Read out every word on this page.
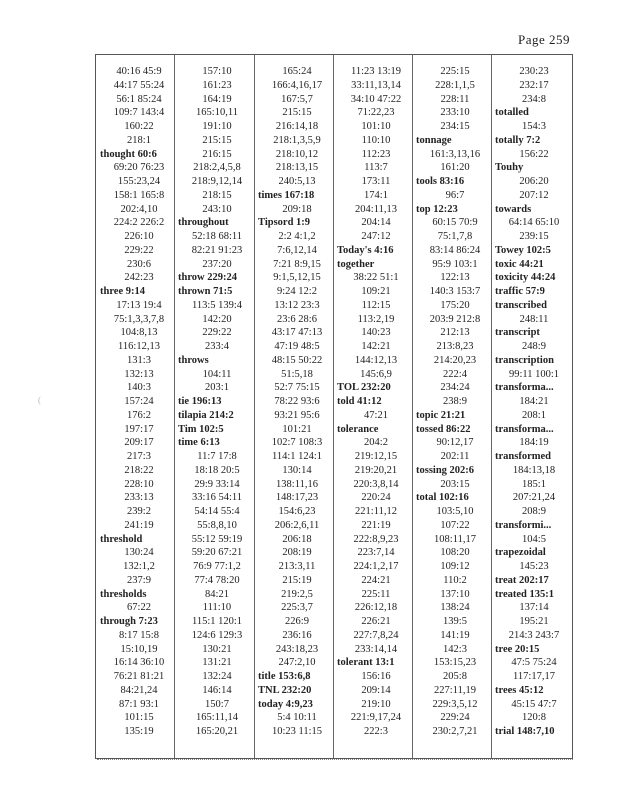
Page 259
40:16 45:9
44:17 55:24
56:1 85:24
109:7 143:4
160:22
218:1
thought 60:6
69:20 76:23
155:23,24
158:1 165:8
202:4,10
224:2 226:2
226:10
229:22
230:6
242:23
three 9:14
17:13 19:4
75:1,3,3,7,8
104:8,13
116:12,13
131:3
132:13
140:3
157:24
176:2
197:17
209:17
217:3
218:22
228:10
233:13
239:2
241:19
threshold
130:24
132:1,2
237:9
thresholds
67:22
through 7:23
8:17 15:8
15:10,19
16:14 36:10
76:21 81:21
84:21,24
87:1 93:1
101:15
135:19
157:10
161:23
164:19
165:10,11
191:10
215:15
216:15
218:2,4,5,8
218:9,12,14
218:15
243:10
throughout
52:18 68:11
82:21 91:23
237:20
throw 229:24
thrown 71:5
113:5 139:4
142:20
229:22
233:4
throws
104:11
203:1
tie 196:13
tilapia 214:2
Tim 102:5
time 6:13
11:7 17:8
18:18 20:5
29:9 33:14
33:16 54:11
54:14 55:4
55:8,8,10
55:12 59:19
59:20 67:21
76:9 77:1,2
77:4 78:20
84:21
111:10
115:1 120:1
124:6 129:3
130:21
131:21
132:24
146:14
150:7
165:11,14
165:20,21
165:24
166:4,16,17
167:5,7
215:15
216:14,18
218:1,3,5,9
218:10,12
218:13,15
240:5,13
times 167:18
209:18
Tipsord 1:9
2:2 4:1,2
7:6,12,14
7:21 8:9,15
9:1,5,12,15
9:24 12:2
13:12 23:3
23:6 28:6
43:17 47:13
47:19 48:5
48:15 50:22
51:5,18
52:7 75:15
78:22 93:6
93:21 95:6
101:21
102:7 108:3
114:1 124:1
130:14
138:11,16
148:17,23
154:6,23
206:2,6,11
206:18
208:19
213:3,11
215:19
219:2,5
225:3,7
226:9
236:16
243:18,23
247:2,10
title 153:6,8
TNL 232:20
today 4:9,23
5:4 10:11
10:23 11:15
11:23 13:19
33:11,13,14
34:10 47:22
71:22,23
101:10
110:10
112:23
113:7
173:11
174:1
204:11,13
204:14
247:12
Today's 4:16
together
38:22 51:1
109:21
112:15
113:2,19
140:23
142:21
144:12,13
145:6,9
TOL 232:20
told 41:12
47:21
tolerance
204:2
219:12,15
219:20,21
220:3,8,14
220:24
221:11,12
221:19
222:8,9,23
223:7,14
224:1,2,17
224:21
225:11
226:12,18
226:21
227:7,8,24
233:14,14
tolerant 13:1
156:16
209:14
219:10
221:9,17,24
222:3
225:15
228:1,1,5
228:11
233:10
234:15
tonnage
161:3,13,16
161:20
tools 83:16
96:7
top 12:23
60:15 70:9
75:1,7,8
83:14 86:24
95:9 103:1
122:13
140:3 153:7
175:20
203:9 212:8
212:13
213:8,23
214:20,23
222:4
234:24
238:9
topic 21:21
tossed 86:22
90:12,17
202:11
tossing 202:6
203:15
total 102:16
103:5,10
107:22
108:11,17
108:20
109:12
110:2
137:10
138:24
139:5
141:19
142:3
153:15,23
205:8
227:11,19
229:3,5,12
229:24
230:2,7,21
230:23
232:17
234:8
totalled
154:3
totally 7:2
156:22
Touhy
206:20
207:12
towards
64:14 65:10
239:15
Towey 102:5
toxic 44:21
toxicity 44:24
traffic 57:9
transcribed
248:11
transcript
248:9
transcription
99:11 100:1
transforma...
184:21
208:1
transforma...
184:19
transformed
184:13,18
185:1
207:21,24
208:9
transformi...
104:5
trapezoidal
145:23
treat 202:17
treated 135:1
137:14
195:21
214:3 243:7
tree 20:15
47:5 75:24
117:17,17
trees 45:12
45:15 47:7
120:8
trial 148:7,10
(
